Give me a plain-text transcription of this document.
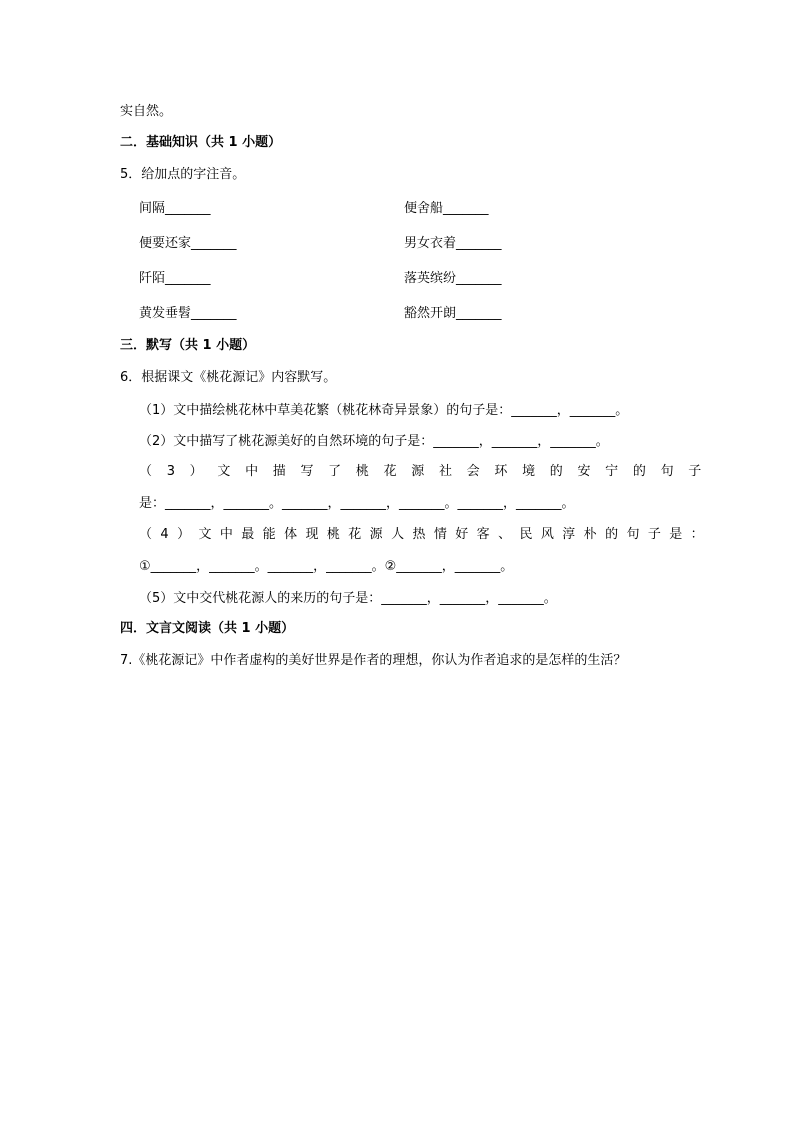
实自然。
二．基础知识（共 1 小题）
5．给加点的字注音。
间隔_______	便舍船_______
便要还家_______	男女衣着_______
阡陌_______	落英缤纷_______
黄发垂髫_______	豁然开朗_______
三．默写（共 1 小题）
6．根据课文《桃花源记》内容默写。
（1）文中描绘桃花林中草美花繁（桃花林奇异景象）的句子是：_______，_______。
（2）文中描写了桃花源美好的自然环境的句子是：_______，_______，_______。
（3）文中描写了桃花源社会环境的安宁的句子
是：_______，_______。_______，_______，_______。_______，_______。
（4）文中最能体现桃花源人热情好客、民风淳朴的句子是：
①_______，_______。_______，_______。②_______，_______。
（5）文中交代桃花源人的来历的句子是：_______，_______，_______。
四．文言文阅读（共 1 小题）
7.《桃花源记》中作者虚构的美好世界是作者的理想，你认为作者追求的是怎样的生活？
